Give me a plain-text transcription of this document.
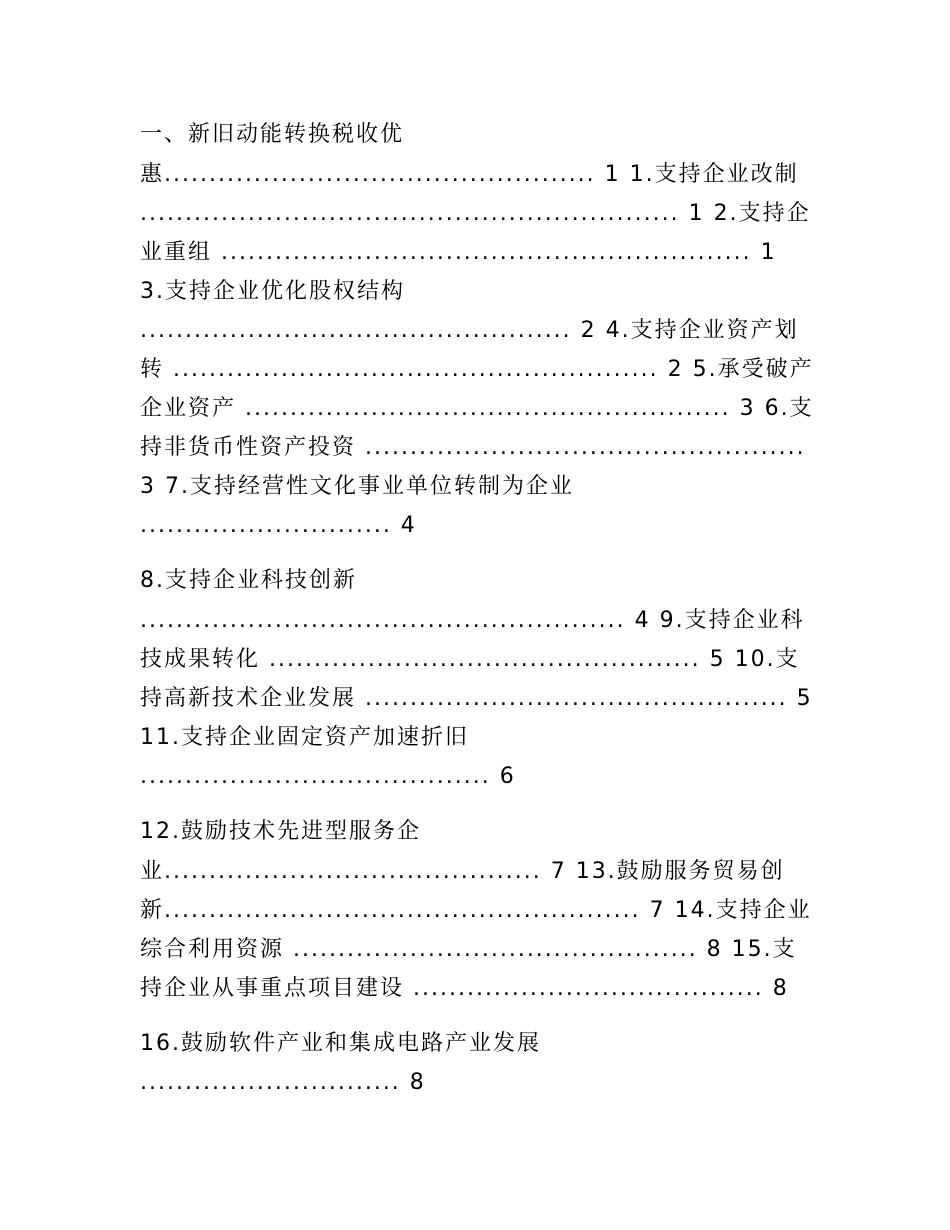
一、新旧动能转换税收优
惠................................................ 1 1.支持企业改制
............................................................ 1 2.支持企
业重组 ........................................................... 1
3.支持企业优化股权结构
................................................ 2 4.支持企业资产划
转 ...................................................... 2 5.承受破产
企业资产 ...................................................... 3 6.支
持非货币性资产投资 .................................................
3 7.支持经营性文化事业单位转制为企业
............................ 4
8.支持企业科技创新
...................................................... 4 9.支持企业科
技成果转化 ................................................ 5 10.支
持高新技术企业发展 ............................................... 5
11.支持企业固定资产加速折旧
....................................... 6
12.鼓励技术先进型服务企
业.......................................... 7 13.鼓励服务贸易创
新..................................................... 7 14.支持企业
综合利用资源 ............................................. 8 15.支
持企业从事重点项目建设 ....................................... 8
16.鼓励软件产业和集成电路产业发展
............................. 8
